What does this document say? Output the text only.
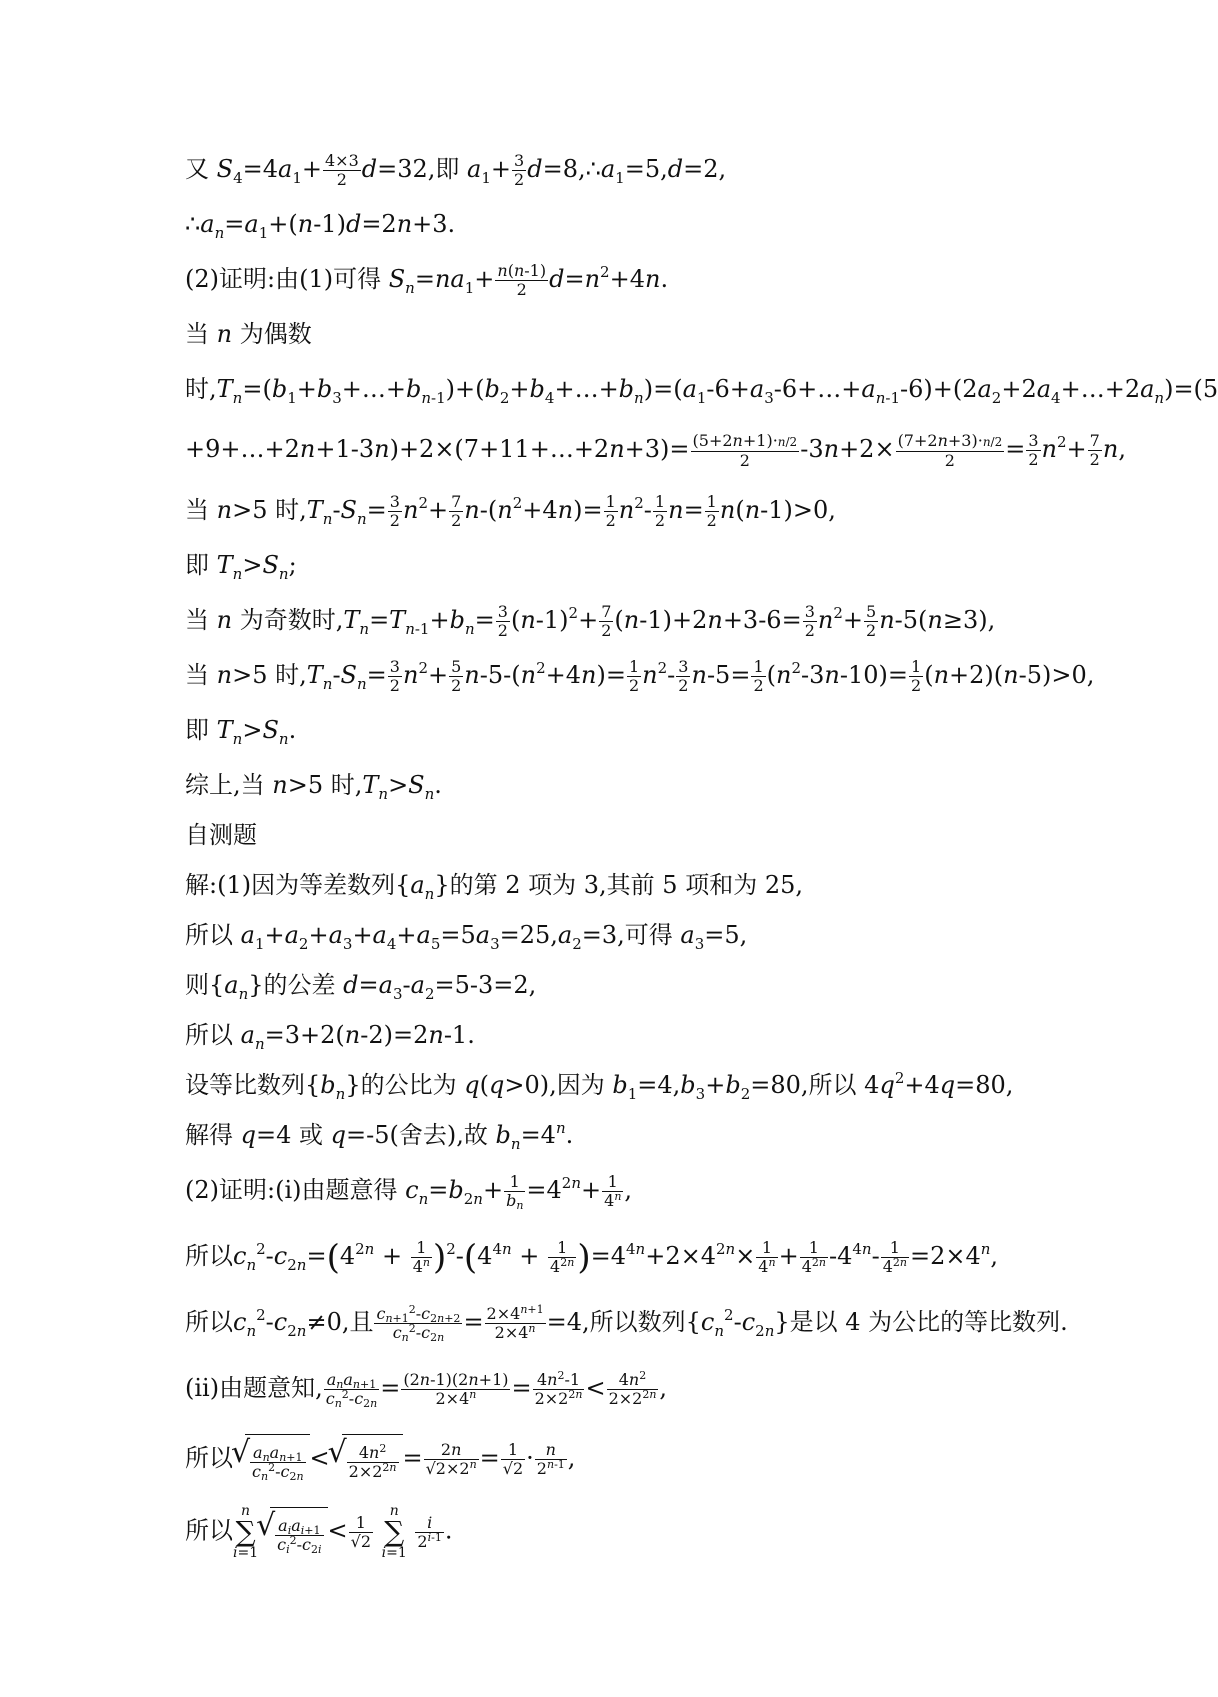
又 $S_4=4a_1+ \frac{4\times 3}{2} d=32$,即 $a_1+ \frac{3}{2}$ $d=8,\therefore a_1=5,d=2$,
$\therefore a_n=a_1+(n-1)d=2n+3$.
(2)证明:由(1)可得 $S_n=na_1+ \frac{n(n-1)}{2} d=n^2+4n$.
当 n 为偶数
时$,T_n=(b_1+b_3+\dots+b_{n-1})+(b_2+b_4+\dots+b_n)=(a_1-6+a_3-6+\dots+a_{n-1}-6)+(2a_2+2a_4+\dots+2a_n)=(5$
+9+…+2n+1-3n)+2×(7+11+…+2n+3)= $\frac{(5+2n+1)\cdot n/2}{2} -3n+2\times \frac{(7+2n+3)\cdot n/2}{2} = \frac{3}{2} n^2+ \frac{7}{2} n$,
当 n>5 时$,T_n-S_n= \frac{3}{2} n^2+ \frac{7}{2} n-(n^2+4n)= \frac{1}{2} n^2- \frac{1}{2} n= \frac{1}{2} n(n-1)>0$,
即 $T_n>S_n$;
当 n 为奇数时$,T_n=T_{n-1}+b_n= \frac{3}{2} (n-1)^2+ \frac{7}{2} (n-1)+2n+3-6= \frac{3}{2} n^2+ \frac{5}{2} n-5(n\ge 3)$,
当 n>5 时$,T_n-S_n= \frac{3}{2} n^2+ \frac{5}{2} n-5-(n^2+4n)= \frac{1}{2} n^2- \frac{3}{2} n-5= \frac{1}{2} (n^2-3n-10)= \frac{1}{2} (n+2)(n-5)>0$,
即 $T_n>S_n$.
综上,当 n>5 时$,T_n>S_n$.
自测题
解:(1)因为等差数列$\{a_n\}$的第 2 项为 3,其前 5 项和为 25,
所以 $a_1+a_2+a_3+a_4+a_5=5a_3=25,a_2=3$,可得 $a_3=5$,
则$\{a_n\}$的公差 $d=a_3-a_2=5-3=2$,
所以 $a_n=3+2(n-2)=2n-1$.
设等比数列$\{b_n\}$的公比为 q(q>0),因为 $b_1=4,b_3+b_2=80$,所以 $4q^2+4q=80$,
解得 q=4 或 q=-5(舍去),故 $b_n=4^n$.
(2)证明:(i)由题意得 $c_n=b_{2n}+ \frac{1}{b_n} =4^{2n}+ \frac{1}{4^n}$ ,
所以$c_n^2-c_{2n}=(4^{2n} + \frac{1}{4^n} )^2-(4^{4n} + \frac{1}{4^{2n}} )=4^{4n}+2\times 4^{2n}\times \frac{1}{4^n} + \frac{1}{4^{2n}} -4^{4n}- \frac{1}{4^{2n}} =2\times 4^n$,
所以$c_n^2-c_{2n}\ne 0$,且 $\frac{c_{n+1}^2-c_{2n+2}}{c_n^2-c_{2n}} = \frac{2\times 4^{n+1}}{2\times 4^n} =4$,所以数列$\{c_n^2-c_{2n}\}$是以 4 为公比的等比数列.
(ii)由题意知, $\frac{a_na_{n+1}}{c_n^2-c_{2n}} = \frac{(2n-1)(2n+1)}{2\times 4^n} = \frac{4n^2-1}{2\times 2^{2n}} < \frac{4n^2}{2\times 2^{2n}}$ ,
所以 √ $\frac{a_na_{n+1}}{c_n^2-c_{2n}}$ < √ $\frac{4n^2}{2\times 2^{2n}} = \frac{2n}{√2\times 2^n} = \frac{1}{√2} \cdot \frac{n}{2^{n-1}}$ ,
所以n
∑
i=1 √ $\frac{a_ia_{i+1}}{c_i^2-c_{2i}} < \frac{1}{√2}$
n
∑
i=1
$\frac{i}{2^{i-1}}$ .
